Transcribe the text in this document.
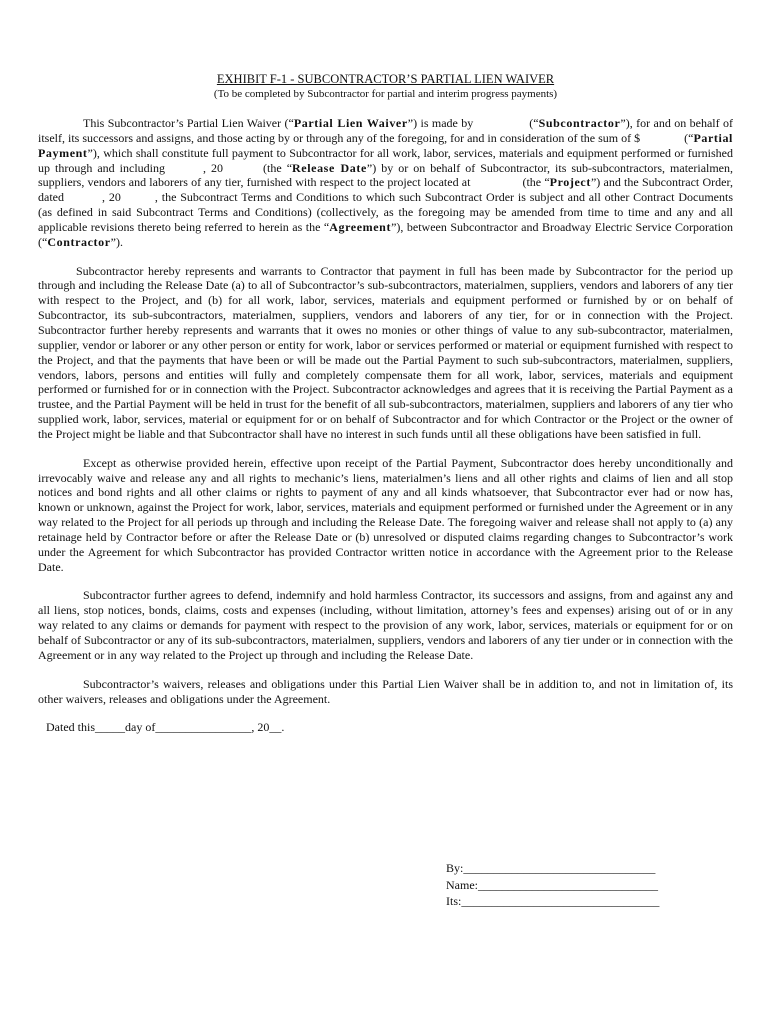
EXHIBIT F-1 - SUBCONTRACTOR’S PARTIAL LIEN WAIVER

(To be completed by Subcontractor for partial and interim progress payments)

This Subcontractor’s Partial Lien Waiver (“Partial Lien Waiver”) is made by	(“Subcontractor”), for and on behalf of itself, its successors and assigns, and those acting by or through any of the foregoing, for and in consideration of the sum of $	(“Partial Payment”), which shall constitute full payment to Subcontractor for all work, labor, services, materials and equipment performed or furnished up through and including	, 20	(the “Release Date”) by or on behalf of Subcontractor, its sub-subcontractors, materialmen, suppliers, vendors and laborers of any tier, furnished with respect to the project located at	(the “Project”) and the Subcontract Order, dated	, 20	, the Subcontract Terms and Conditions to which such Subcontract Order is subject and all other Contract Documents (as defined in said Subcontract Terms and Conditions) (collectively, as the foregoing may be amended from time to time and any and all applicable revisions thereto being referred to herein as the “Agreement”), between Subcontractor and Broadway Electric Service Corporation (“Contractor”).

Subcontractor hereby represents and warrants to Contractor that payment in full has been made by Subcontractor for the period up through and including the Release Date (a) to all of Subcontractor’s sub-subcontractors, materialmen, suppliers, vendors and laborers of any tier with respect to the Project, and (b) for all work, labor, services, materials and equipment performed or furnished by or on behalf of Subcontractor, its sub-subcontractors, materialmen, suppliers, vendors and laborers of any tier, for or in connection with the Project. Subcontractor further hereby represents and warrants that it owes no monies or other things of value to any sub-subcontractor, materialmen, supplier, vendor or laborer or any other person or entity for work, labor or services performed or material or equipment furnished with respect to the Project, and that the payments that have been or will be made out the Partial Payment to such sub-subcontractors, materialmen, suppliers, vendors, labors, persons and entities will fully and completely compensate them for all work, labor, services, materials and equipment performed or furnished for or in connection with the Project. Subcontractor acknowledges and agrees that it is receiving the Partial Payment as a trustee, and the Partial Payment will be held in trust for the benefit of all sub-subcontractors, materialmen, suppliers and laborers of any tier who supplied work, labor, services, material or equipment for or on behalf of Subcontractor and for which Contractor or the Project or the owner of the Project might be liable and that Subcontractor shall have no interest in such funds until all these obligations have been satisfied in full.

Except as otherwise provided herein, effective upon receipt of the Partial Payment, Subcontractor does hereby unconditionally and irrevocably waive and release any and all rights to mechanic’s liens, materialmen’s liens and all other rights and claims of lien and all stop notices and bond rights and all other claims or rights to payment of any and all kinds whatsoever, that Subcontractor ever had or now has, known or unknown, against the Project for work, labor, services, materials and equipment performed or furnished under the Agreement or in any way related to the Project for all periods up through and including the Release Date. The foregoing waiver and release shall not apply to (a) any retainage held by Contractor before or after the Release Date or (b) unresolved or disputed claims regarding changes to Subcontractor’s work under the Agreement for which Subcontractor has provided Contractor written notice in accordance with the Agreement prior to the Release Date.

Subcontractor further agrees to defend, indemnify and hold harmless Contractor, its successors and assigns, from and against any and all liens, stop notices, bonds, claims, costs and expenses (including, without limitation, attorney’s fees and expenses) arising out of or in any way related to any claims or demands for payment with respect to the provision of any work, labor, services, materials or equipment for or on behalf of Subcontractor or any of its sub-subcontractors, materialmen, suppliers, vendors and laborers of any tier under or in connection with the Agreement or in any way related to the Project up through and including the Release Date.

Subcontractor’s waivers, releases and obligations under this Partial Lien Waiver shall be in addition to, and not in limitation of, its other waivers, releases and obligations under the Agreement.

Dated this_____day of________________, 20__.

By:________________________________
Name:______________________________
Its:_________________________________
